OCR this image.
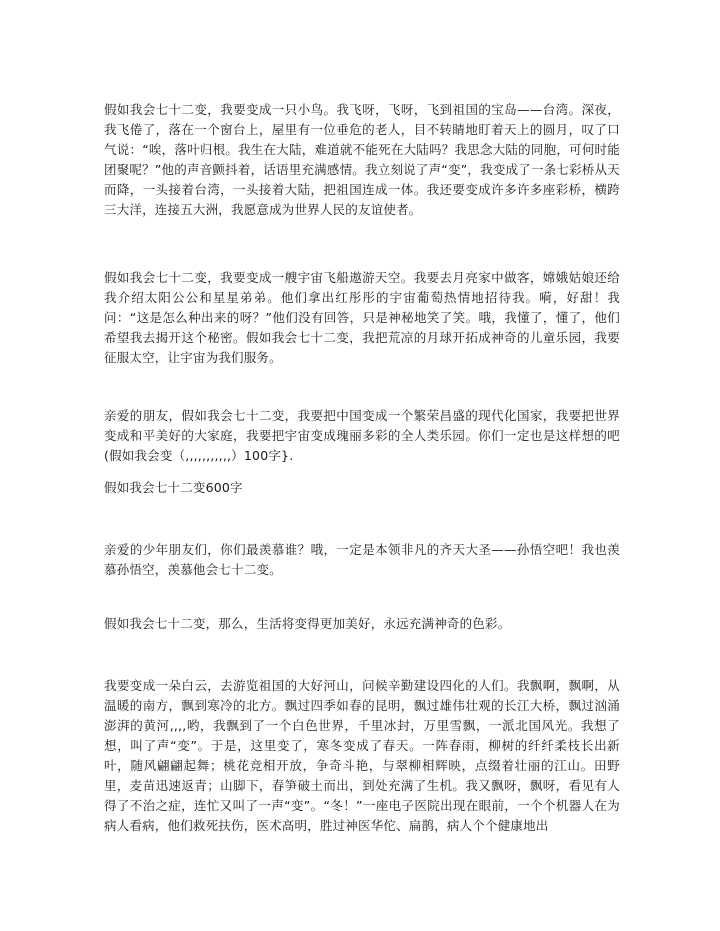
假如我会七十二变，我要变成一只小鸟。我飞呀，飞呀，飞到祖国的宝岛——台湾。深夜，我飞倦了，落在一个窗台上，屋里有一位垂危的老人，目不转睛地盯着天上的圆月，叹了口气说：“唉，落叶归根。我生在大陆，难道就不能死在大陆吗？我思念大陆的同胞，可何时能团聚呢？”他的声音颤抖着，话语里充满感情。我立刻说了声“变”，我变成了一条七彩桥从天而降，一头接着台湾，一头接着大陆，把祖国连成一体。我还要变成许多许多座彩桥，横跨三大洋，连接五大洲，我愿意成为世界人民的友谊使者。

假如我会七十二变，我要变成一艘宇宙飞船遨游天空。我要去月亮家中做客，嫦娥姑娘还给我介绍太阳公公和星星弟弟。他们拿出红彤彤的宇宙葡萄热情地招待我。嗬，好甜！我问：“这是怎么种出来的呀？”他们没有回答，只是神秘地笑了笑。哦，我懂了，懂了，他们希望我去揭开这个秘密。假如我会七十二变，我把荒凉的月球开拓成神奇的儿童乐园，我要征服太空，让宇宙为我们服务。

亲爱的朋友，假如我会七十二变，我要把中国变成一个繁荣昌盛的现代化国家，我要把世界变成和平美好的大家庭，我要把宇宙变成瑰丽多彩的全人类乐园。你们一定也是这样想的吧(假如我会变（,,,,,,,,,,,）100字}.

假如我会七十二变600字

亲爱的少年朋友们，你们最羡慕谁？哦，一定是本领非凡的齐天大圣——孙悟空吧！我也羡慕孙悟空，羡慕他会七十二变。

假如我会七十二变，那么，生活将变得更加美好，永远充满神奇的色彩。

我要变成一朵白云，去游览祖国的大好河山，问候辛勤建设四化的人们。我飘啊，飘啊，从温暖的南方，飘到寒冷的北方。飘过四季如春的昆明，飘过雄伟壮观的长江大桥，飘过汹涌澎湃的黄河,,,,哟，我飘到了一个白色世界，千里冰封，万里雪飘，一派北国风光。我想了想，叫了声“变”。于是，这里变了，寒冬变成了春天。一阵春雨，柳树的纤纤柔枝长出新叶，随风翩翩起舞；桃花竞相开放，争奇斗艳，与翠柳相辉映，点缀着壮丽的江山。田野里，麦苗迅速返青；山脚下，春笋破土而出，到处充满了生机。我又飘呀，飘呀，看见有人得了不治之症，连忙又叫了一声“变”。“冬！”一座电子医院出现在眼前，一个个机器人在为病人看病，他们救死扶伤，医术高明，胜过神医华佗、扁鹊，病人个个健康地出
